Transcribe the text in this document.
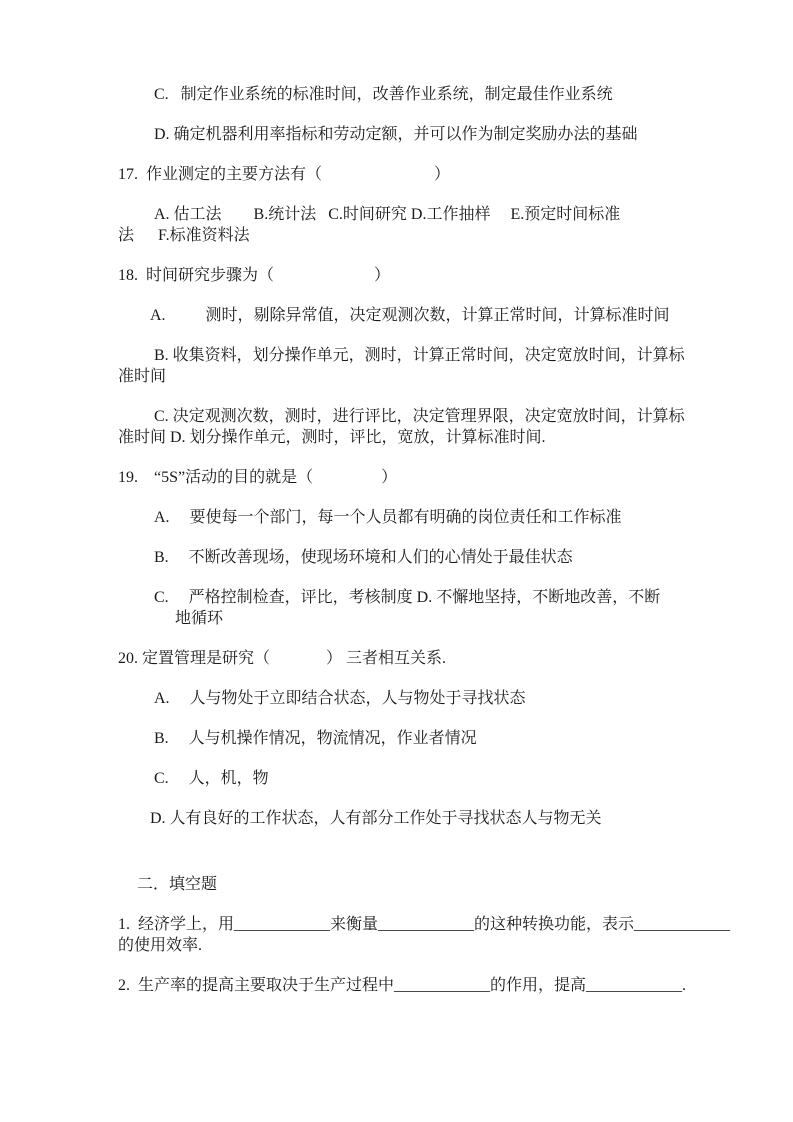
C.   制定作业系统的标准时间，改善作业系统，制定最佳作业系统
D. 确定机器利用率指标和劳动定额，并可以作为制定奖励办法的基础
17.  作业测定的主要方法有（                            ）
A. 估工法        B.统计法   C.时间研究 D.工作抽样     E.预定时间标准
法      F.标准资料法
18.  时间研究步骤为（                         ）
A.          测时，剔除异常值，决定观测次数，计算正常时间，计算标准时间
B. 收集资料，划分操作单元，测时，计算正常时间，决定宽放时间，计算标
准时间
C. 决定观测次数，测时，进行评比，决定管理界限，决定宽放时间，计算标
准时间 D. 划分操作单元，测时，评比，宽放，计算标准时间.
19.    “5S”活动的目的就是（                 ）
A.     要使每一个部门，每一个人员都有明确的岗位责任和工作标准
B.     不断改善现场，使现场环境和人们的心情处于最佳状态
C.     严格控制检查，评比，考核制度 D. 不懈地坚持，不断地改善，不断
地循环
20. 定置管理是研究（              ） 三者相互关系.
A.     人与物处于立即结合状态，人与物处于寻找状态
B.     人与机操作情况，物流情况，作业者情况
C.     人，机，物
D. 人有良好的工作状态，人有部分工作处于寻找状态人与物无关
二．填空题
1.  经济学上，用____________来衡量____________的这种转换功能，表示____________
的使用效率.
2.  生产率的提高主要取决于生产过程中____________的作用，提高____________.
